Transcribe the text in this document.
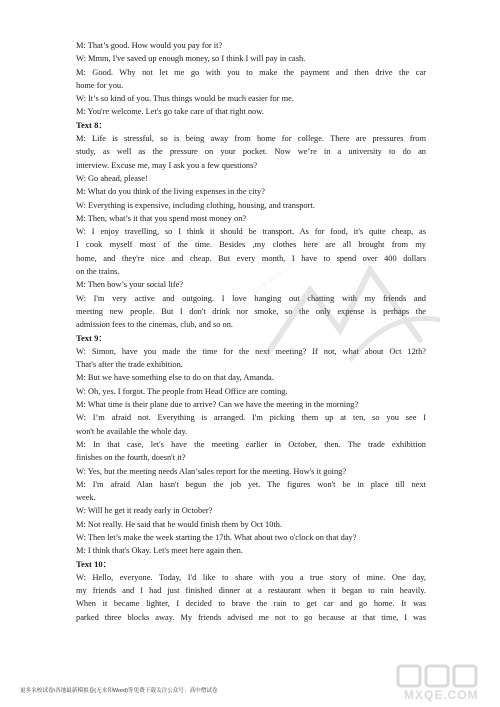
M: That’s good. How would you pay for it?
W: Mmm, I've saved up enough money, so I think I will pay in cash.
M: Good. Why not let me go with you to make the payment and then drive the car
home for you.
W: It’s so kind of you. Thus things would be much easier for me.
M: You're welcome. Let's go take care of that right now.
Text 8：
M: Life is stressful, so is being away from home for college. There are pressures from
study, as well as the pressure on your pocket. Now we’re in a university to do an
interview. Excuse me, may I ask you a few questions?
W: Go ahead, please!
M: What do you think of the living expenses in the city?
W: Everything is expensive, including clothing, housing, and transport.
M: Then, what’s it that you spend most money on?
W: I enjoy travelling, so I think it should be transport. As for food, it's quite cheap, as
I cook myself most of the time. Besides ,my clothes here are all brought from my
home, and they're nice and cheap. But every month, I have to spend over 400 dollars
on the trains.
M: Then how’s your social life?
W: I'm very active and outgoing. I love hanging out chatting with my friends and
meeting new people. But I don't drink nor smoke, so the only expense is perhaps the
admission fees to the cinemas, club, and so on.
Text 9：
W: Simon, have you made the time for the next meeting? If not, what about Oct 12th?
That's after the trade exhibition.
M: But we have something else to do on that day, Amanda.
W: Oh, yes. I forgot. The people from Head Office are coming.
M: What time is their plane due to arrive? Can we have the meeting in the morning?
W: I’m afraid not. Everything is arranged. I'm picking them up at ten, so you see I
won't be available the whole day.
M: In that case, let's have the meeting earlier in October, then. The trade exhibition
finishes on the fourth, doesn't it?
W: Yes, but the meeting needs Alan’sales report for the meeting. How's it going?
M: I'm afraid Alan hasn't begun the job yet. The figures won't be in place till next
week.
W: Will he get it ready early in October?
M: Not really. He said that he would finish them by Oct 10th.
W: Then let’s make the week starting the 17th. What about two o'clock on that day?
M: I think that's Okay. Let's meet here again then.
Text 10：
W: Hello, everyone. Today, I'd like to share with you a true story of mine. One day,
my friends and I had just finished dinner at a restaurant when it began to rain heavily.
When it became lighter, I decided to brave the rain to get car and go home. It was
parked three blocks away. My friends advised me not to go because at that time, I was
高中僧考试卷 公众号：高中僧试卷
更多名校试卷\各地最新模拟卷(无水印Word)等免费下载关注公众号：高中僧试卷	MXQE.COM
